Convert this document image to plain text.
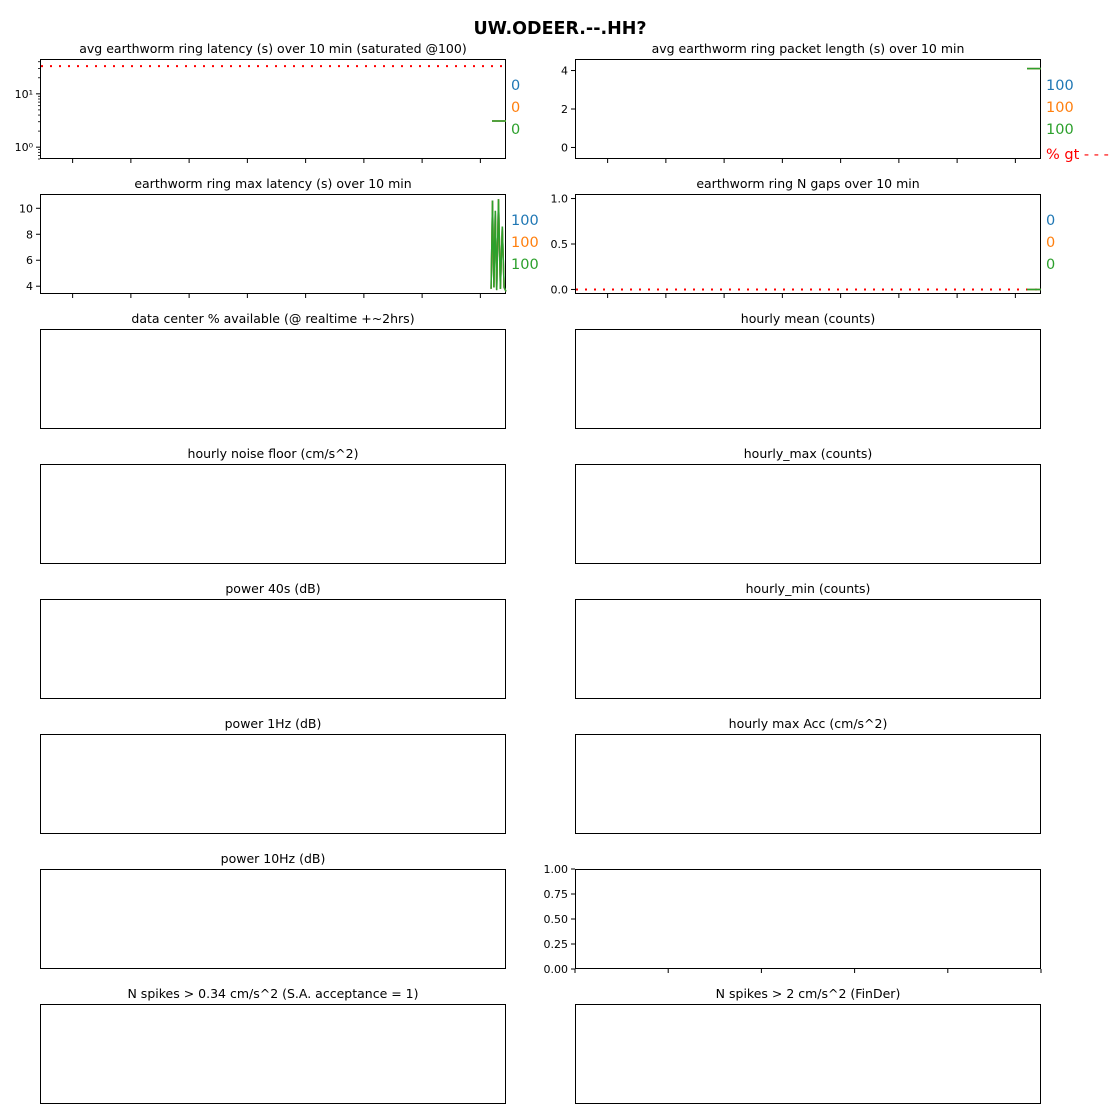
UW.ODEER.--.HH?
avg earthworm ring latency (s) over 10 min (saturated @100)	avg earthworm ring packet length (s) over 10 min
earthworm ring max latency (s) over 10 min	earthworm ring N gaps over 10 min
data center % available (@ realtime +~2hrs)	hourly mean (counts)
hourly noise floor (cm/s^2)	hourly_max (counts)
power 40s (dB)	hourly_min (counts)
power 1Hz (dB)	hourly max Acc (cm/s^2)
power 10Hz (dB)
N spikes > 0.34 cm/s^2 (S.A. acceptance = 1)	N spikes > 2 cm/s^2 (FinDer)
10⁰
10¹
0
0
0
0
2
4
100
100
100
% gt - - -
4
6
8
10
100
100
100
0.0
0.5
1.0
0
0
0
0.00
0.25
0.50
0.75
1.00
